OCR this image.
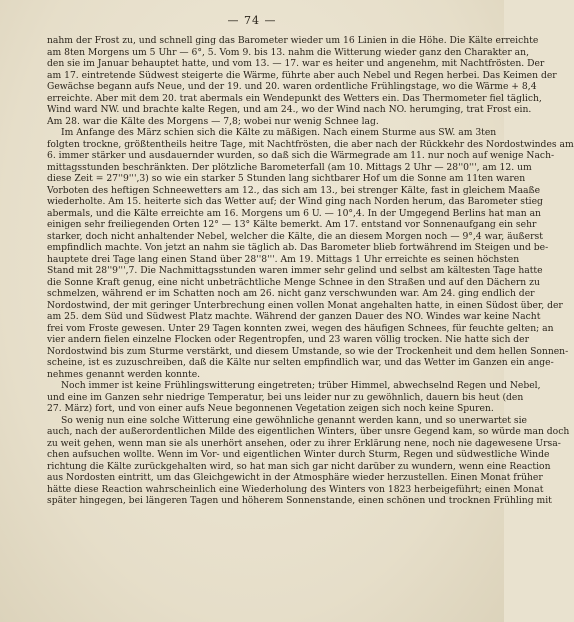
— 74 —

nahm der Frost zu, und schnell ging das Barometer wieder um 16 Linien in die Höhe. Die Kälte erreichte
am 8ten Morgens um 5 Uhr — 6°, 5. Vom 9. bis 13. nahm die Witterung wieder ganz den Charakter an,
den sie im Januar behauptet hatte, und vom 13. — 17. war es heiter und angenehm, mit Nachtfrösten. Der
am 17. eintretende Südwest steigerte die Wärme, führte aber auch Nebel und Regen herbei. Das Keimen der
Gewächse begann aufs Neue, und der 19. und 20. waren ordentliche Frühlingstage, wo die Wärme + 8,4
erreichte. Aber mit dem 20. trat abermals ein Wendepunkt des Wetters ein. Das Thermometer fiel täglich,
Wind ward NW. und brachte kalte Regen, und am 24., wo der Wind nach NO. herumging, trat Frost ein.
Am 28. war die Kälte des Morgens — 7,8; wobei nur wenig Schnee lag.

Im Anfange des März schien sich die Kälte zu mäßigen. Nach einem Sturme aus SW. am 3ten
folgten trockne, größtentheils heitre Tage, mit Nachtfrösten, die aber nach der Rückkehr des Nordostwindes am
6. immer stärker und ausdauernder wurden, so daß sich die Wärmegrade am 11. nur noch auf wenige Nach-
mittagsstunden beschränkten. Der plötzliche Barometerfall (am 10. Mittags 2 Uhr — 28''0''', am 12. um
diese Zeit = 27''9''',3) so wie ein starker 5 Stunden lang sichtbarer Hof um die Sonne am 11ten waren
Vorboten des heftigen Schneewetters am 12., das sich am 13., bei strenger Kälte, fast in gleichem Maaße
wiederholte. Am 15. heiterte sich das Wetter auf; der Wind ging nach Norden herum, das Barometer stieg
abermals, und die Kälte erreichte am 16. Morgens um 6 U. — 10°,4. In der Umgegend Berlins hat man an
einigen sehr freiliegenden Orten 12° — 13° Kälte bemerkt. Am 17. entstand vor Sonnenaufgang ein sehr
starker, doch nicht anhaltender Nebel, welcher die Kälte, die an diesem Morgen noch — 9°,4 war, äußerst
empfindlich machte. Von jetzt an nahm sie täglich ab. Das Barometer blieb fortwährend im Steigen und be-
hauptete drei Tage lang einen Stand über 28''8'''. Am 19. Mittags 1 Uhr erreichte es seinen höchsten
Stand mit 28''9''',7. Die Nachmittagsstunden waren immer sehr gelind und selbst am kältesten Tage hatte
die Sonne Kraft genug, eine nicht unbeträchtliche Menge Schnee in den Straßen und auf den Dächern zu
schmelzen, während er im Schatten noch am 26. nicht ganz verschwunden war. Am 24. ging endlich der
Nordostwind, der mit geringer Unterbrechung einen vollen Monat angehalten hatte, in einen Südost über, der
am 25. dem Süd und Südwest Platz machte. Während der ganzen Dauer des NO. Windes war keine Nacht
frei vom Froste gewesen. Unter 29 Tagen konnten zwei, wegen des häufigen Schnees, für feuchte gelten; an
vier andern fielen einzelne Flocken oder Regentropfen, und 23 waren völlig trocken. Nie hatte sich der
Nordostwind bis zum Sturme verstärkt, und diesem Umstande, so wie der Trockenheit und dem hellen Sonnen-
scheine, ist es zuzuschreiben, daß die Kälte nur selten empfindlich war, und das Wetter im Ganzen ein ange-
nehmes genannt werden konnte.

Noch immer ist keine Frühlingswitterung eingetreten; trüber Himmel, abwechselnd Regen und Nebel,
und eine im Ganzen sehr niedrige Temperatur, bei uns leider nur zu gewöhnlich, dauern bis heut (den
27. März) fort, und von einer aufs Neue begonnenen Vegetation zeigen sich noch keine Spuren.

So wenig nun eine solche Witterung eine gewöhnliche genannt werden kann, und so unerwartet sie
auch, nach der außerordentlichen Milde des eigentlichen Winters, über unsre Gegend kam, so würde man doch
zu weit gehen, wenn man sie als unerhört ansehen, oder zu ihrer Erklärung nene, noch nie dagewesene Ursa-
chen aufsuchen wollte. Wenn im Vor- und eigentlichen Winter durch Sturm, Regen und südwestliche Winde
richtung die Kälte zurückgehalten wird, so hat man sich gar nicht darüber zu wundern, wenn eine Reaction
aus Nordosten eintritt, um das Gleichgewicht in der Atmosphäre wieder herzustellen. Einen Monat früher
hätte diese Reaction wahrscheinlich eine Wiederholung des Winters von 1823 herbeigeführt; einen Monat
später hingegen, bei längeren Tagen und höherem Sonnenstande, einen schönen und trocknen Frühling mit
